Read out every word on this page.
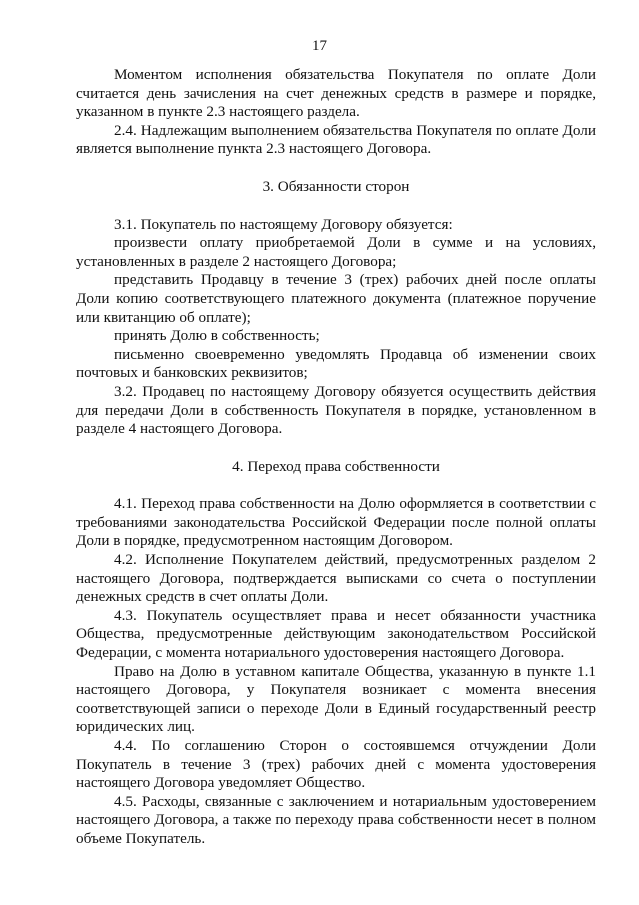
17

Моментом исполнения обязательства Покупателя по оплате Доли считается день зачисления на счет денежных средств в размере и порядке, указанном в пункте 2.3 настоящего раздела.

2.4. Надлежащим выполнением обязательства Покупателя по оплате Доли является выполнение пункта 2.3 настоящего Договора.

3. Обязанности сторон

3.1. Покупатель по настоящему Договору обязуется:

произвести оплату приобретаемой Доли в сумме и на условиях, установленных в разделе 2 настоящего Договора;

представить Продавцу в течение 3 (трех) рабочих дней после оплаты Доли копию соответствующего платежного документа (платежное поручение или квитанцию об оплате);

принять Долю в собственность;

письменно своевременно уведомлять Продавца об изменении своих почтовых и банковских реквизитов;

3.2. Продавец по настоящему Договору обязуется осуществить действия для передачи Доли в собственность Покупателя в порядке, установленном в разделе 4 настоящего Договора.

4. Переход права собственности

4.1. Переход права собственности на Долю оформляется в соответствии с требованиями законодательства Российской Федерации после полной оплаты Доли в порядке, предусмотренном настоящим Договором.

4.2. Исполнение Покупателем действий, предусмотренных разделом 2 настоящего Договора, подтверждается выписками со счета о поступлении денежных средств в счет оплаты Доли.

4.3. Покупатель осуществляет права и несет обязанности участника Общества, предусмотренные действующим законодательством Российской Федерации, с момента нотариального удостоверения настоящего Договора.

Право на Долю в уставном капитале Общества, указанную в пункте 1.1 настоящего Договора, у Покупателя возникает с момента внесения соответствующей записи о переходе Доли в Единый государственный реестр юридических лиц.

4.4. По соглашению Сторон о состоявшемся отчуждении Доли Покупатель в течение 3 (трех) рабочих дней с момента удостоверения настоящего Договора уведомляет Общество.

4.5. Расходы, связанные с заключением и нотариальным удостоверением настоящего Договора, а также по переходу права собственности несет в полном объеме Покупатель.
